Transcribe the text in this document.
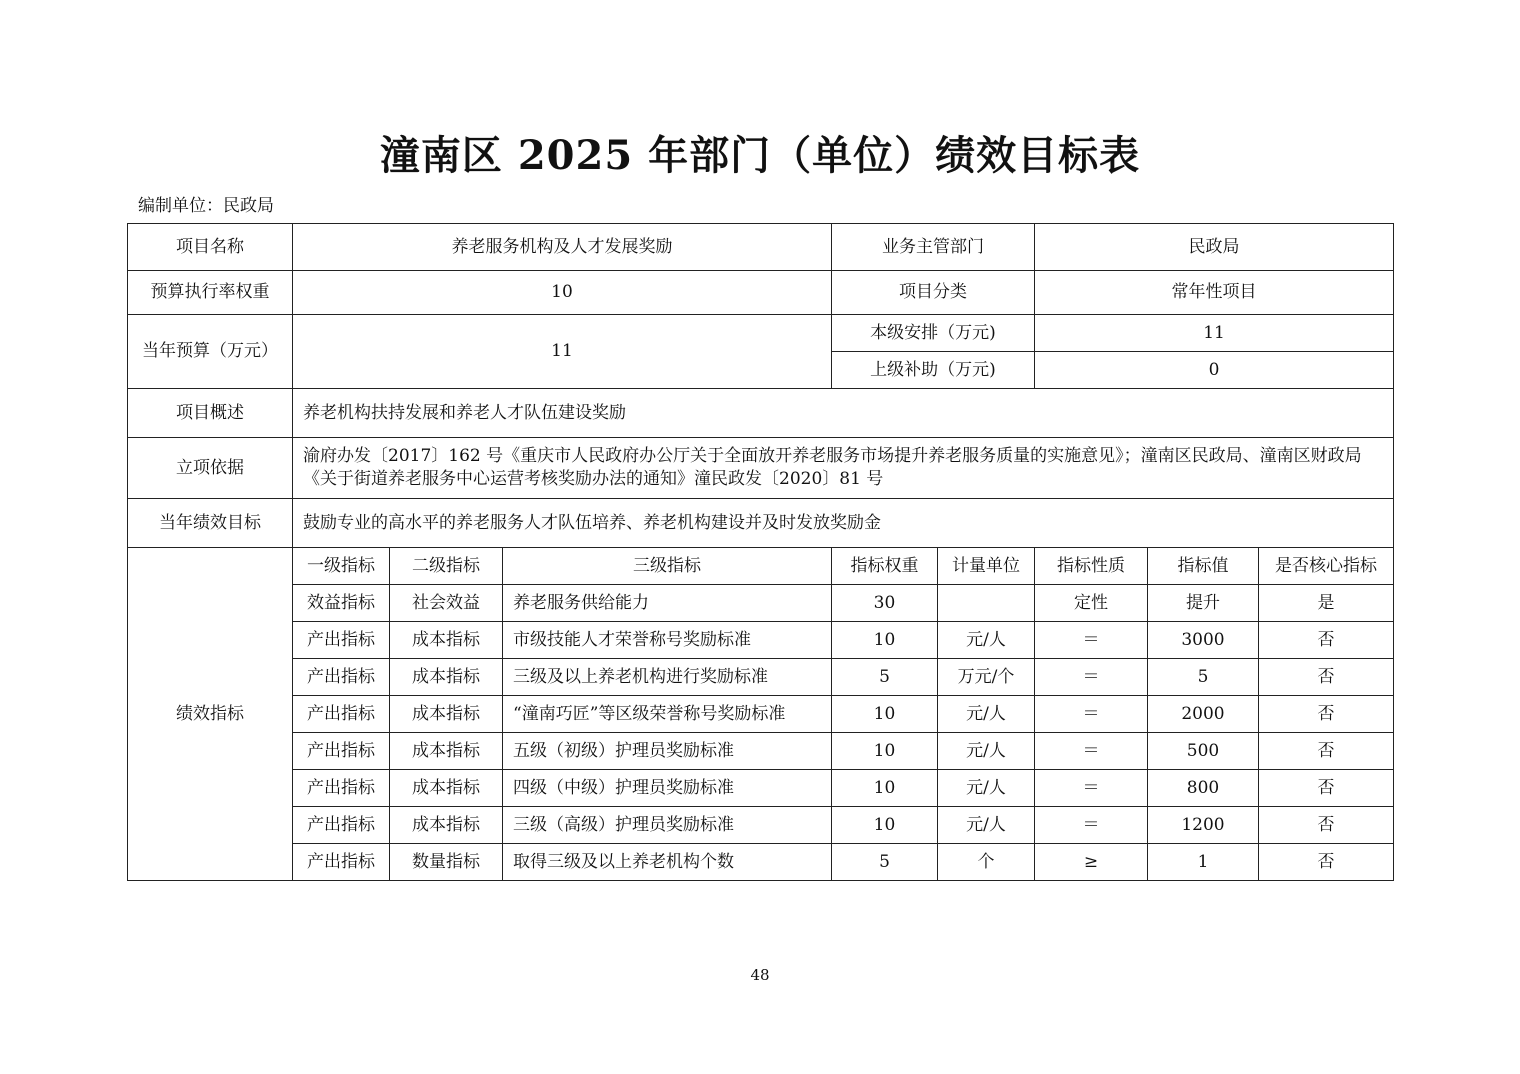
潼南区 2025 年部门（单位）绩效目标表
编制单位：民政局
项目名称	养老服务机构及人才发展奖励			业务主管部门		民政局		
预算执行率权重	10			项目分类		常年性项目		
当年预算（万元）	11			本级安排（万元)		11		
				上级补助（万元)		0		
项目概述	养老机构扶持发展和养老人才队伍建设奖励							
立项依据	渝府办发〔2017〕162 号《重庆市人民政府办公厅关于全面放开养老服务市场提升养老服务质量的实施意见》；潼南区民政局、潼南区财政局《关于街道养老服务中心运营考核奖励办法的通知》潼民政发〔2020〕81 号							
当年绩效目标	鼓励专业的高水平的养老服务人才队伍培养、养老机构建设并及时发放奖励金							
绩效指标	一级指标	二级指标	三级指标	指标权重	计量单位	指标性质	指标值	是否核心指标
	效益指标	社会效益	养老服务供给能力	30		定性	提升	是
	产出指标	成本指标	市级技能人才荣誉称号奖励标准	10	元/人	＝	3000	否
	产出指标	成本指标	三级及以上养老机构进行奖励标准	5	万元/个	＝	5	否
	产出指标	成本指标	“潼南巧匠”等区级荣誉称号奖励标准	10	元/人	＝	2000	否
	产出指标	成本指标	五级（初级）护理员奖励标准	10	元/人	＝	500	否
	产出指标	成本指标	四级（中级）护理员奖励标准	10	元/人	＝	800	否
	产出指标	成本指标	三级（高级）护理员奖励标准	10	元/人	＝	1200	否
	产出指标	数量指标	取得三级及以上养老机构个数	5	个	≥	1	否
48
